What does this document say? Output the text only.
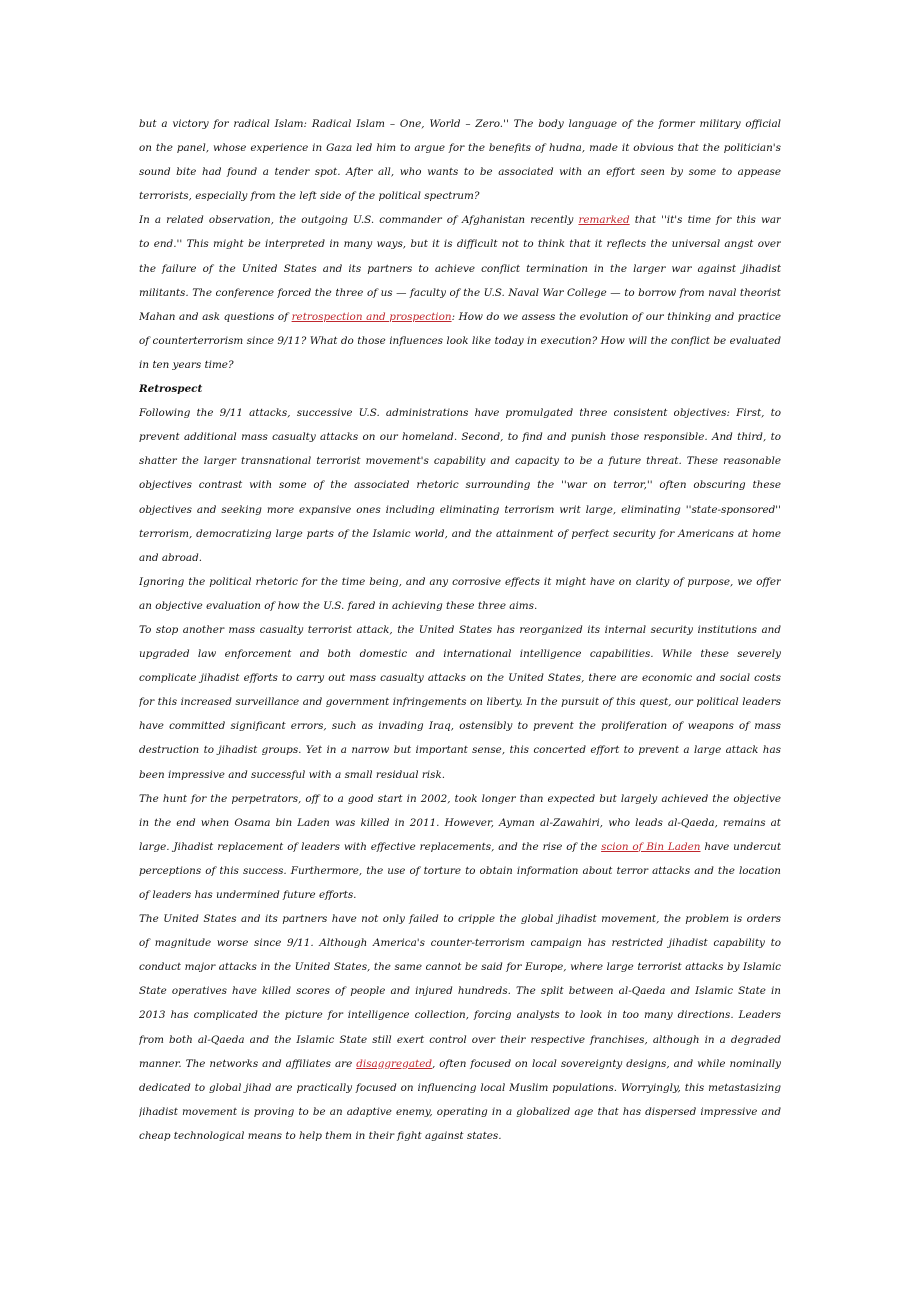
but a victory for radical Islam: Radical Islam – One, World – Zero.'' The body language of the former military official
on the panel, whose experience in Gaza led him to argue for the benefits of hudna, made it obvious that the politician's
sound bite had found a tender spot. After all, who wants to be associated with an effort seen by some to appease
terrorists, especially from the left side of the political spectrum?
In a related observation, the outgoing U.S. commander of Afghanistan recently remarked that ''it's time for this war
to end.'' This might be interpreted in many ways, but it is difficult not to think that it reflects the universal angst over
the failure of the United States and its partners to achieve conflict termination in the larger war against jihadist
militants. The conference forced the three of us — faculty of the U.S. Naval War College — to borrow from naval theorist
Mahan and ask questions of retrospection and prospection: How do we assess the evolution of our thinking and practice
of counterterrorism since 9/11? What do those influences look like today in execution? How will the conflict be evaluated
in ten years time?
Retrospect
Following the 9/11 attacks, successive U.S. administrations have promulgated three consistent objectives: First, to
prevent additional mass casualty attacks on our homeland. Second, to find and punish those responsible. And third, to
shatter the larger transnational terrorist movement's capability and capacity to be a future threat. These reasonable
objectives contrast with some of the associated rhetoric surrounding the ''war on terror,'' often obscuring these
objectives and seeking more expansive ones including eliminating terrorism writ large, eliminating ''state-sponsored''
terrorism, democratizing large parts of the Islamic world, and the attainment of perfect security for Americans at home
and abroad.
Ignoring the political rhetoric for the time being, and any corrosive effects it might have on clarity of purpose, we offer
an objective evaluation of how the U.S. fared in achieving these three aims.
To stop another mass casualty terrorist attack, the United States has reorganized its internal security institutions and
upgraded law enforcement and both domestic and international intelligence capabilities. While these severely
complicate jihadist efforts to carry out mass casualty attacks on the United States, there are economic and social costs
for this increased surveillance and government infringements on liberty. In the pursuit of this quest, our political leaders
have committed significant errors, such as invading Iraq, ostensibly to prevent the proliferation of weapons of mass
destruction to jihadist groups. Yet in a narrow but important sense, this concerted effort to prevent a large attack has
been impressive and successful with a small residual risk.
The hunt for the perpetrators, off to a good start in 2002, took longer than expected but largely achieved the objective
in the end when Osama bin Laden was killed in 2011. However, Ayman al-Zawahiri, who leads al-Qaeda, remains at
large. Jihadist replacement of leaders with effective replacements, and the rise of the scion of Bin Laden have undercut
perceptions of this success. Furthermore, the use of torture to obtain information about terror attacks and the location
of leaders has undermined future efforts.
The United States and its partners have not only failed to cripple the global jihadist movement, the problem is orders
of magnitude worse since 9/11. Although America's counter-terrorism campaign has restricted jihadist capability to
conduct major attacks in the United States, the same cannot be said for Europe, where large terrorist attacks by Islamic
State operatives have killed scores of people and injured hundreds. The split between al-Qaeda and Islamic State in
2013 has complicated the picture for intelligence collection, forcing analysts to look in too many directions. Leaders
from both al-Qaeda and the Islamic State still exert control over their respective franchises, although in a degraded
manner. The networks and affiliates are disaggregated, often focused on local sovereignty designs, and while nominally
dedicated to global jihad are practically focused on influencing local Muslim populations. Worryingly, this metastasizing
jihadist movement is proving to be an adaptive enemy, operating in a globalized age that has dispersed impressive and
cheap technological means to help them in their fight against states.
